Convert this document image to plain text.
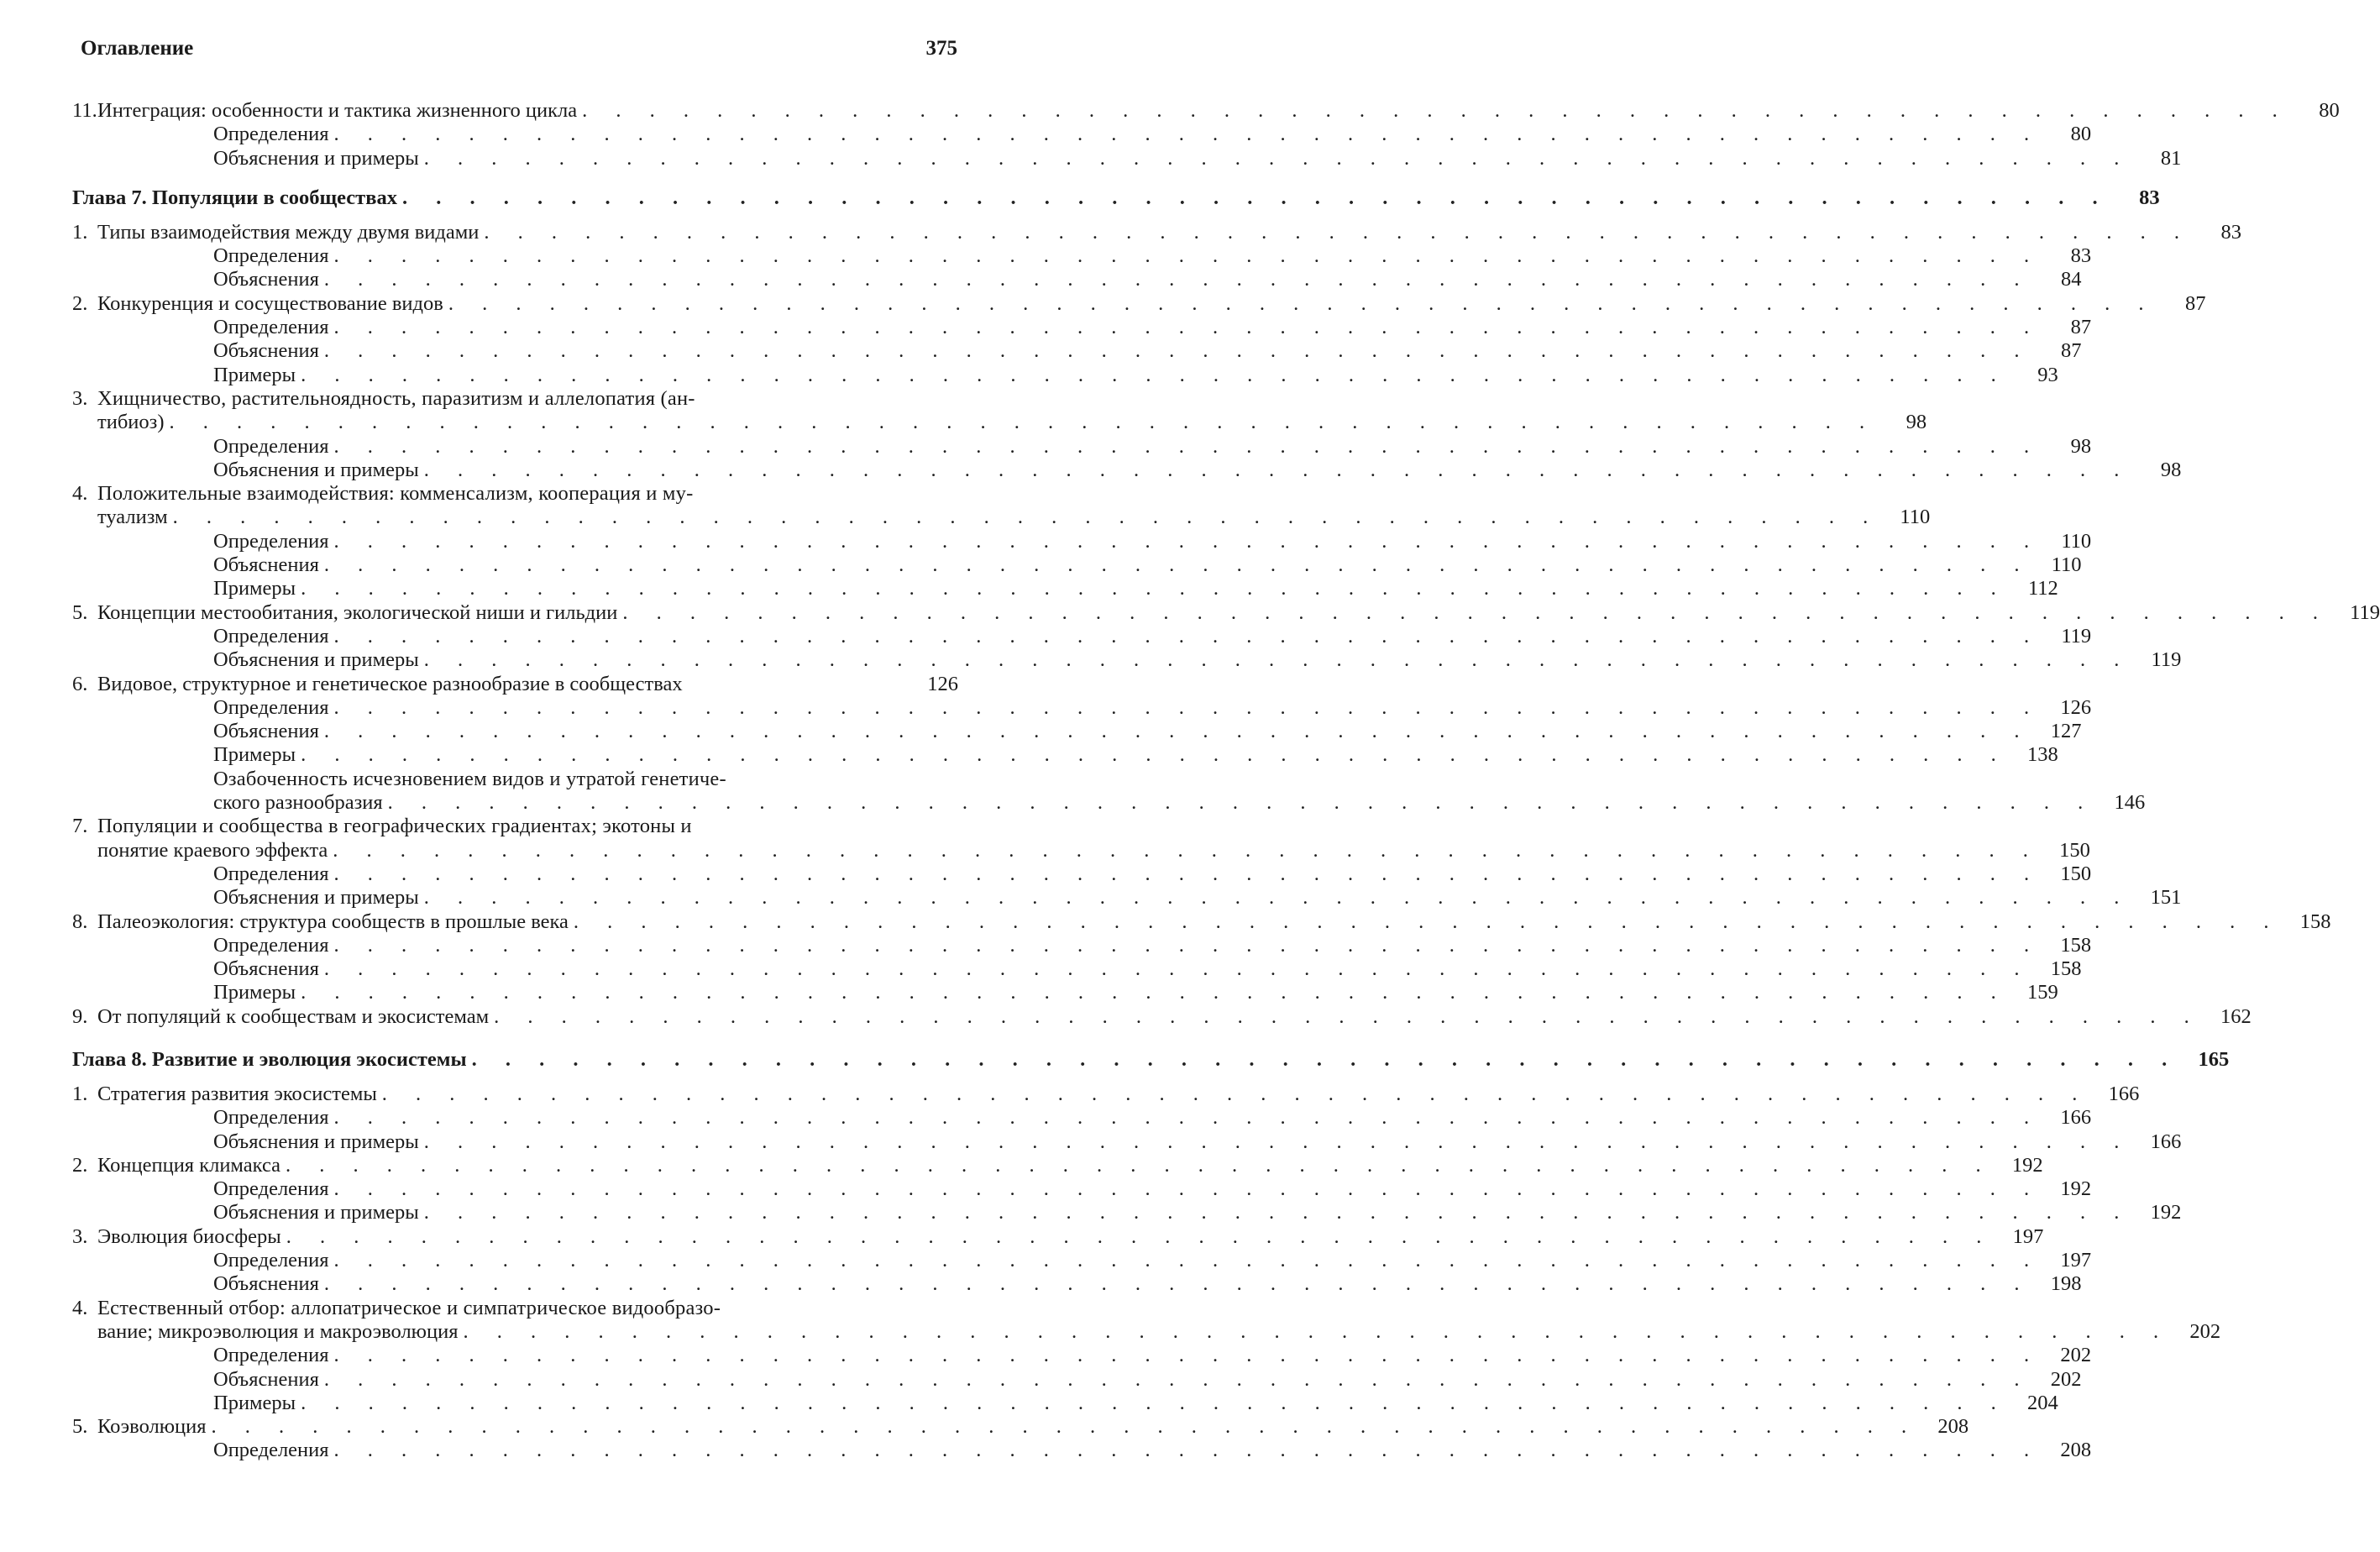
Оглавление	375
11. Интеграция: особенности и тактика жизненного цикла . . . . . . . . . . . . . . . . . . . . . . . . . . . . . . . . . . . . . . . . . . . . . . . . . . .	80
Определения . . . . . . . . . . . . . . . . . . . . . . . . . . . . . . . . . . . . . . . . . . . . . . . . . . .	80
Объяснения и примеры . . . . . . . . . . . . . . . . . . . . . . . . . . . . . . . . . . . . . . . . . . . . . . . . . . .	81
Глава 7. Популяции в сообществах . . . . . . . . . . . . . . . . . . . . . . . . . . . . . . . . . . . . . . . . . . . . . . . . . . .	83
1. Типы взаимодействия между двумя видами . . . . . . . . . . . . . . . . . . . . . . . . . . . . . . . . . . . . . . . . . . . . . . . . . . .	83
Определения . . . . . . . . . . . . . . . . . . . . . . . . . . . . . . . . . . . . . . . . . . . . . . . . . . .	83
Объяснения . . . . . . . . . . . . . . . . . . . . . . . . . . . . . . . . . . . . . . . . . . . . . . . . . . .	84
2. Конкуренция и сосуществование видов . . . . . . . . . . . . . . . . . . . . . . . . . . . . . . . . . . . . . . . . . . . . . . . . . . .	87
Определения . . . . . . . . . . . . . . . . . . . . . . . . . . . . . . . . . . . . . . . . . . . . . . . . . . .	87
Объяснения . . . . . . . . . . . . . . . . . . . . . . . . . . . . . . . . . . . . . . . . . . . . . . . . . . .	87
Примеры . . . . . . . . . . . . . . . . . . . . . . . . . . . . . . . . . . . . . . . . . . . . . . . . . . .	93
3. Хищничество, растительноядность, паразитизм и аллелопатия (ан-
тибиоз) . . . . . . . . . . . . . . . . . . . . . . . . . . . . . . . . . . . . . . . . . . . . . . . . . . .	98
Определения . . . . . . . . . . . . . . . . . . . . . . . . . . . . . . . . . . . . . . . . . . . . . . . . . . .	98
Объяснения и примеры . . . . . . . . . . . . . . . . . . . . . . . . . . . . . . . . . . . . . . . . . . . . . . . . . . .	98
4. Положительные взаимодействия: комменсализм, кооперация и му-
туализм . . . . . . . . . . . . . . . . . . . . . . . . . . . . . . . . . . . . . . . . . . . . . . . . . . . 110
Определения . . . . . . . . . . . . . . . . . . . . . . . . . . . . . . . . . . . . . . . . . . . . . . . . . . . 110
Объяснения . . . . . . . . . . . . . . . . . . . . . . . . . . . . . . . . . . . . . . . . . . . . . . . . . . . 110
Примеры . . . . . . . . . . . . . . . . . . . . . . . . . . . . . . . . . . . . . . . . . . . . . . . . . . . 112
5. Концепции местообитания, экологической ниши и гильдии . . . . . . . . . . . . . . . . . . . . . . . . . . . . . . . . . . . . . . . . . . . . . . . . . . . 119
Определения . . . . . . . . . . . . . . . . . . . . . . . . . . . . . . . . . . . . . . . . . . . . . . . . . . . 119
Объяснения и примеры . . . . . . . . . . . . . . . . . . . . . . . . . . . . . . . . . . . . . . . . . . . . . . . . . . . 119
6. Видовое, структурное и генетическое разнообразие в сообществах	126
Определения . . . . . . . . . . . . . . . . . . . . . . . . . . . . . . . . . . . . . . . . . . . . . . . . . . . 126
Объяснения . . . . . . . . . . . . . . . . . . . . . . . . . . . . . . . . . . . . . . . . . . . . . . . . . . . 127
Примеры . . . . . . . . . . . . . . . . . . . . . . . . . . . . . . . . . . . . . . . . . . . . . . . . . . . 138
Озабоченность исчезновением видов и утратой генетиче-
ского разнообразия . . . . . . . . . . . . . . . . . . . . . . . . . . . . . . . . . . . . . . . . . . . . . . . . . . . 146
7. Популяции и сообщества в географических градиентах; экотоны и
понятие краевого эффекта . . . . . . . . . . . . . . . . . . . . . . . . . . . . . . . . . . . . . . . . . . . . . . . . . . . 150
Определения . . . . . . . . . . . . . . . . . . . . . . . . . . . . . . . . . . . . . . . . . . . . . . . . . . . 150
Объяснения и примеры . . . . . . . . . . . . . . . . . . . . . . . . . . . . . . . . . . . . . . . . . . . . . . . . . . . 151
8. Палеоэкология: структура сообществ в прошлые века . . . . . . . . . . . . . . . . . . . . . . . . . . . . . . . . . . . . . . . . . . . . . . . . . . . 158
Определения . . . . . . . . . . . . . . . . . . . . . . . . . . . . . . . . . . . . . . . . . . . . . . . . . . . 158
Объяснения . . . . . . . . . . . . . . . . . . . . . . . . . . . . . . . . . . . . . . . . . . . . . . . . . . . 158
Примеры . . . . . . . . . . . . . . . . . . . . . . . . . . . . . . . . . . . . . . . . . . . . . . . . . . . 159
9. От популяций к сообществам и экосистемам . . . . . . . . . . . . . . . . . . . . . . . . . . . . . . . . . . . . . . . . . . . . . . . . . . . 162
Глава 8. Развитие и эволюция экосистемы . . . . . . . . . . . . . . . . . . . . . . . . . . . . . . . . . . . . . . . . . . . . . . . . . . . 165
1. Стратегия развития экосистемы . . . . . . . . . . . . . . . . . . . . . . . . . . . . . . . . . . . . . . . . . . . . . . . . . . . 166
Определения . . . . . . . . . . . . . . . . . . . . . . . . . . . . . . . . . . . . . . . . . . . . . . . . . . . 166
Объяснения и примеры . . . . . . . . . . . . . . . . . . . . . . . . . . . . . . . . . . . . . . . . . . . . . . . . . . . 166
2. Концепция климакса . . . . . . . . . . . . . . . . . . . . . . . . . . . . . . . . . . . . . . . . . . . . . . . . . . . 192
Определения . . . . . . . . . . . . . . . . . . . . . . . . . . . . . . . . . . . . . . . . . . . . . . . . . . . 192
Объяснения и примеры . . . . . . . . . . . . . . . . . . . . . . . . . . . . . . . . . . . . . . . . . . . . . . . . . . . 192
3. Эволюция биосферы . . . . . . . . . . . . . . . . . . . . . . . . . . . . . . . . . . . . . . . . . . . . . . . . . . . 197
Определения . . . . . . . . . . . . . . . . . . . . . . . . . . . . . . . . . . . . . . . . . . . . . . . . . . . 197
Объяснения . . . . . . . . . . . . . . . . . . . . . . . . . . . . . . . . . . . . . . . . . . . . . . . . . . . 198
4. Естественный отбор: аллопатрическое и симпатрическое видообразо-
вание; микроэволюция и макроэволюция . . . . . . . . . . . . . . . . . . . . . . . . . . . . . . . . . . . . . . . . . . . . . . . . . . . 202
Определения . . . . . . . . . . . . . . . . . . . . . . . . . . . . . . . . . . . . . . . . . . . . . . . . . . . 202
Объяснения . . . . . . . . . . . . . . . . . . . . . . . . . . . . . . . . . . . . . . . . . . . . . . . . . . . 202
Примеры . . . . . . . . . . . . . . . . . . . . . . . . . . . . . . . . . . . . . . . . . . . . . . . . . . . 204
5. Коэволюция . . . . . . . . . . . . . . . . . . . . . . . . . . . . . . . . . . . . . . . . . . . . . . . . . . . 208
Определения . . . . . . . . . . . . . . . . . . . . . . . . . . . . . . . . . . . . . . . . . . . . . . . . . . . 208
